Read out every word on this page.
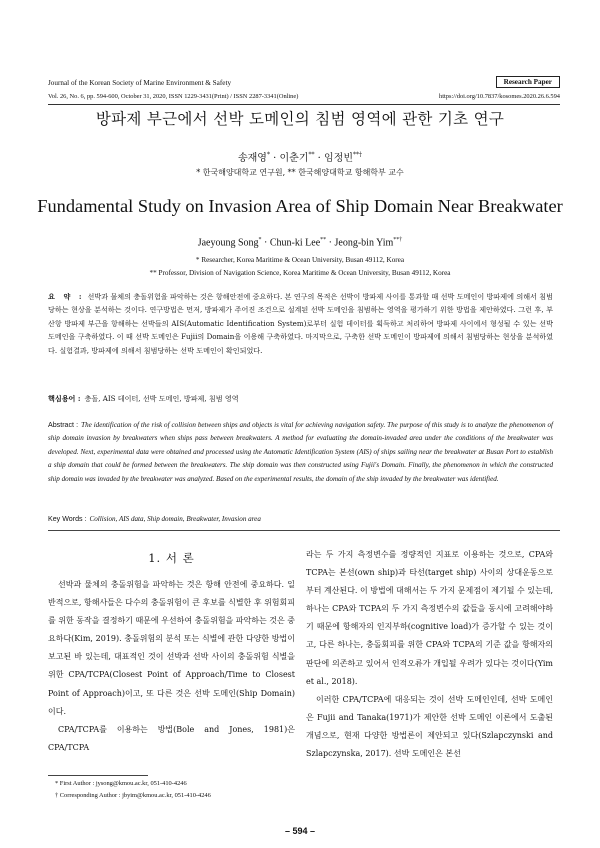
Journal of the Korean Society of Marine Environment & Safety	Research Paper
Vol. 26, No. 6, pp. 594-600, October 31, 2020, ISSN 1229-3431(Print) / ISSN 2287-3341(Online)	https://doi.org/10.7837/kosomes.2020.26.6.594
방파제 부근에서 선박 도메인의 침범 영역에 관한 기초 연구
송재영* · 이춘기** · 임정빈**†
* 한국해양대학교 연구원, ** 한국해양대학교 항해학부 교수
Fundamental Study on Invasion Area of Ship Domain Near Breakwater
Jaeyoung Song* · Chun-ki Lee** · Jeong-bin Yim**†
* Researcher, Korea Maritime & Ocean University, Busan 49112, Korea
** Professor, Division of Navigation Science, Korea Maritime & Ocean University, Busan 49112, Korea
요 약 : 선박과 물체의 충돌위험을 파악하는 것은 항해안전에 중요하다. 본 연구의 목적은 선박이 방파제 사이를 통과할 때 선박 도메인이 방파제에 의해서 침범당하는 현상을 분석하는 것이다. 연구방법은 먼저, 방파제가 주어진 조건으로 설계된 선박 도메인을 침범하는 영역을 평가하기 위한 방법을 제안하였다. 그런 후, 부산항 방파제 부근을 항해하는 선박들의 AIS(Automatic Identification System)로부터 실험 데이터를 획득하고 처리하여 방파제 사이에서 형성될 수 있는 선박 도메인을 구축하였다. 이 때 선박 도메인은 Fujii의 Domain을 이용해 구축하였다. 마지막으로, 구축한 선박 도메인이 방파제에 의해서 침범당하는 현상을 분석하였다. 실험결과, 방파제에 의해서 침범당하는 선박 도메인이 확인되었다.
핵심용어 : 충돌, AIS 데이터, 선박 도메인, 방파제, 침범 영역
Abstract : The identification of the risk of collision between ships and objects is vital for achieving navigation safety. The purpose of this study is to analyze the phenomenon of ship domain invasion by breakwaters when ships pass between breakwaters. A method for evaluating the domain-invaded area under the conditions of the breakwater was developed. Next, experimental data were obtained and processed using the Automatic Identification System (AIS) of ships sailing near the breakwater at Busan Port to establish a ship domain that could be formed between the breakwaters. The ship domain was then constructed using Fujii's Domain. Finally, the phenomenon in which the constructed ship domain was invaded by the breakwater was analyzed. Based on the experimental results, the domain of the ship invaded by the breakwater was identified.
Key Words : Collision, AIS data, Ship domain, Breakwater, Invasion area
1. 서 론

선박과 물체의 충돌위험을 파악하는 것은 항해 안전에 중요하다. 일반적으로, 항해사들은 다수의 충돌위험이 큰 후보를 식별한 후 위험회피를 위한 동작을 결정하기 때문에 우선하여 충돌위험을 파악하는 것은 중요하다(Kim, 2019). 충돌위험의 분석 또는 식별에 관한 다양한 방법이 보고된 바 있는데, 대표적인 것이 선박과 선박 사이의 충돌위험 식별을 위한 CPA/TCPA(Closest Point of Approach/Time to Closest Point of Approach)이고, 또 다른 것은 선박 도메인(Ship Domain)이다.

CPA/TCPA를 이용하는 방법(Bole and Jones, 1981)은 CPA/TCPA

라는 두 가지 측정변수를 정량적인 지표로 이용하는 것으로, CPA와 TCPA는 본선(own ship)과 타선(target ship) 사이의 상대운동으로부터 계산된다. 이 방법에 대해서는 두 가지 문제점이 제기될 수 있는데, 하나는 CPA와 TCPA의 두 가지 측정변수의 값들을 동시에 고려해야하기 때문에 항해자의 인지부하(cognitive load)가 증가할 수 있는 것이고, 다른 하나는, 충돌회피를 위한 CPA와 TCPA의 기준 값을 항해자의 판단에 의존하고 있어서 인적오류가 개입될 우려가 있다는 것이다(Yim et al., 2018).

이러한 CPA/TCPA에 대응되는 것이 선박 도메인인데, 선박 도메인은 Fujii and Tanaka(1971)가 제안한 선박 도메인 이론에서 도출된 개념으로, 현재 다양한 방법론이 제안되고 있다(Szlapczynski and Szlapczynska, 2017). 선박 도메인은 본선

* First Author : jysong@kmou.ac.kr, 051-410-4246
† Corresponding Author : jbyim@kmou.ac.kr, 051-410-4246
– 594 –
